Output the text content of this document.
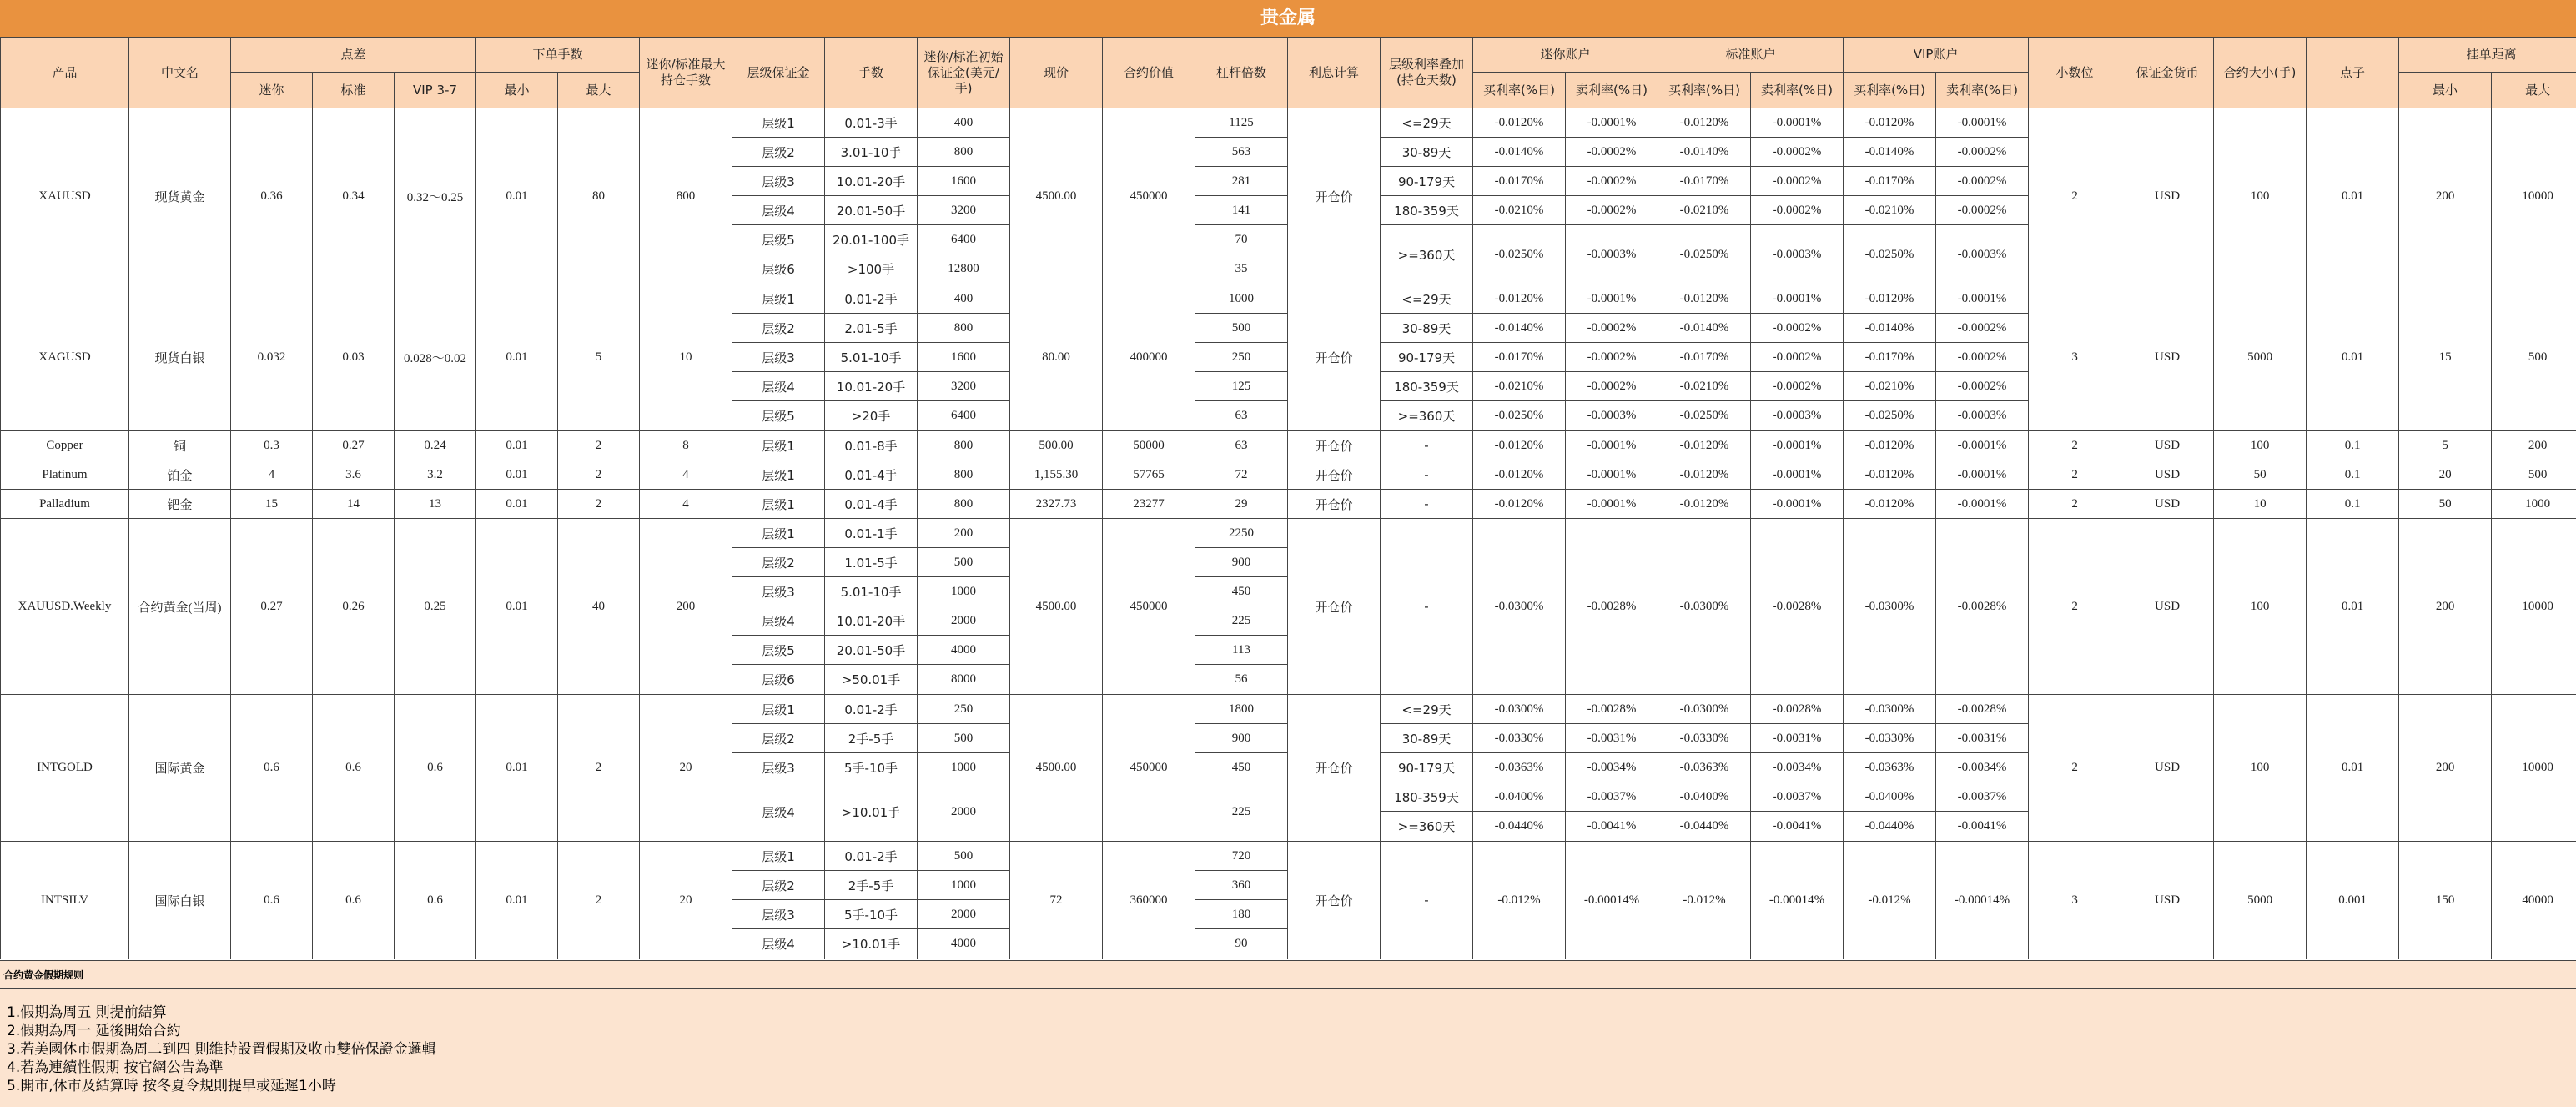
贵金属
产品	中文名	点差			下单手数		迷你/标准最大持仓手数	层级保证金	手数	迷你/标准初始保证金(美元/手)	现价	合约价值	杠杆倍数	利息计算	层级利率叠加(持仓天数)	迷你账户		标准账户		VIP账户		小数位	保证金货币	合约大小(手)	点子	挂单距离	
		迷你	标准	VIP 3-7	最小	最大										买利率(%日)	卖利率(%日)	买利率(%日)	卖利率(%日)	买利率(%日)	卖利率(%日)					最小	最大
XAUUSD	现货黄金	0.36	0.34	0.32～0.25	0.01	80	800	层级1	0.01-3手	400	4500.00	450000	1125	开仓价	<=29天	-0.0120%	-0.0001%	-0.0120%	-0.0001%	-0.0120%	-0.0001%	2	USD	100	0.01	200	10000
								层级2	3.01-10手	800			563		30-89天	-0.0140%	-0.0002%	-0.0140%	-0.0002%	-0.0140%	-0.0002%						
								层级3	10.01-20手	1600			281		90-179天	-0.0170%	-0.0002%	-0.0170%	-0.0002%	-0.0170%	-0.0002%						
								层级4	20.01-50手	3200			141		180-359天	-0.0210%	-0.0002%	-0.0210%	-0.0002%	-0.0210%	-0.0002%						
								层级5	20.01-100手	6400			70		>=360天	-0.0250%	-0.0003%	-0.0250%	-0.0003%	-0.0250%	-0.0003%						
								层级6	>100手	12800			35														
XAGUSD	现货白银	0.032	0.03	0.028～0.02	0.01	5	10	层级1	0.01-2手	400	80.00	400000	1000	开仓价	<=29天	-0.0120%	-0.0001%	-0.0120%	-0.0001%	-0.0120%	-0.0001%	3	USD	5000	0.01	15	500
								层级2	2.01-5手	800			500		30-89天	-0.0140%	-0.0002%	-0.0140%	-0.0002%	-0.0140%	-0.0002%						
								层级3	5.01-10手	1600			250		90-179天	-0.0170%	-0.0002%	-0.0170%	-0.0002%	-0.0170%	-0.0002%						
								层级4	10.01-20手	3200			125		180-359天	-0.0210%	-0.0002%	-0.0210%	-0.0002%	-0.0210%	-0.0002%						
								层级5	>20手	6400			63		>=360天	-0.0250%	-0.0003%	-0.0250%	-0.0003%	-0.0250%	-0.0003%						
Copper	铜	0.3	0.27	0.24	0.01	2	8	层级1	0.01-8手	800	500.00	50000	63	开仓价	-	-0.0120%	-0.0001%	-0.0120%	-0.0001%	-0.0120%	-0.0001%	2	USD	100	0.1	5	200
Platinum	铂金	4	3.6	3.2	0.01	2	4	层级1	0.01-4手	800	1,155.30	57765	72	开仓价	-	-0.0120%	-0.0001%	-0.0120%	-0.0001%	-0.0120%	-0.0001%	2	USD	50	0.1	20	500
Palladium	钯金	15	14	13	0.01	2	4	层级1	0.01-4手	800	2327.73	23277	29	开仓价	-	-0.0120%	-0.0001%	-0.0120%	-0.0001%	-0.0120%	-0.0001%	2	USD	10	0.1	50	1000
XAUUSD.Weekly	合约黄金(当周)	0.27	0.26	0.25	0.01	40	200	层级1	0.01-1手	200	4500.00	450000	2250	开仓价	-	-0.0300%	-0.0028%	-0.0300%	-0.0028%	-0.0300%	-0.0028%	2	USD	100	0.01	200	10000
								层级2	1.01-5手	500			900														
								层级3	5.01-10手	1000			450														
								层级4	10.01-20手	2000			225														
								层级5	20.01-50手	4000			113														
								层级6	>50.01手	8000			56														
INTGOLD	国际黄金	0.6	0.6	0.6	0.01	2	20	层级1	0.01-2手	250	4500.00	450000	1800	开仓价	<=29天	-0.0300%	-0.0028%	-0.0300%	-0.0028%	-0.0300%	-0.0028%	2	USD	100	0.01	200	10000
								层级2	2手-5手	500			900		30-89天	-0.0330%	-0.0031%	-0.0330%	-0.0031%	-0.0330%	-0.0031%						
								层级3	5手-10手	1000			450		90-179天	-0.0363%	-0.0034%	-0.0363%	-0.0034%	-0.0363%	-0.0034%						
								层级4	>10.01手	2000			225		180-359天	-0.0400%	-0.0037%	-0.0400%	-0.0037%	-0.0400%	-0.0037%						
															>=360天	-0.0440%	-0.0041%	-0.0440%	-0.0041%	-0.0440%	-0.0041%						
INTSILV	国际白银	0.6	0.6	0.6	0.01	2	20	层级1	0.01-2手	500	72	360000	720	开仓价	-	-0.012%	-0.00014%	-0.012%	-0.00014%	-0.012%	-0.00014%	3	USD	5000	0.001	150	40000
								层级2	2手-5手	1000			360														
								层级3	5手-10手	2000			180														
								层级4	>10.01手	4000			90														
合约黄金假期规则
1.假期為周五 則提前結算
2.假期為周一 延後開始合約
3.若美國休市假期為周二到四 則維持設置假期及收市雙倍保證金邏輯
4.若為連續性假期 按官網公告為準
5.開市,休市及結算時 按冬夏令規則提早或延遲1小時
